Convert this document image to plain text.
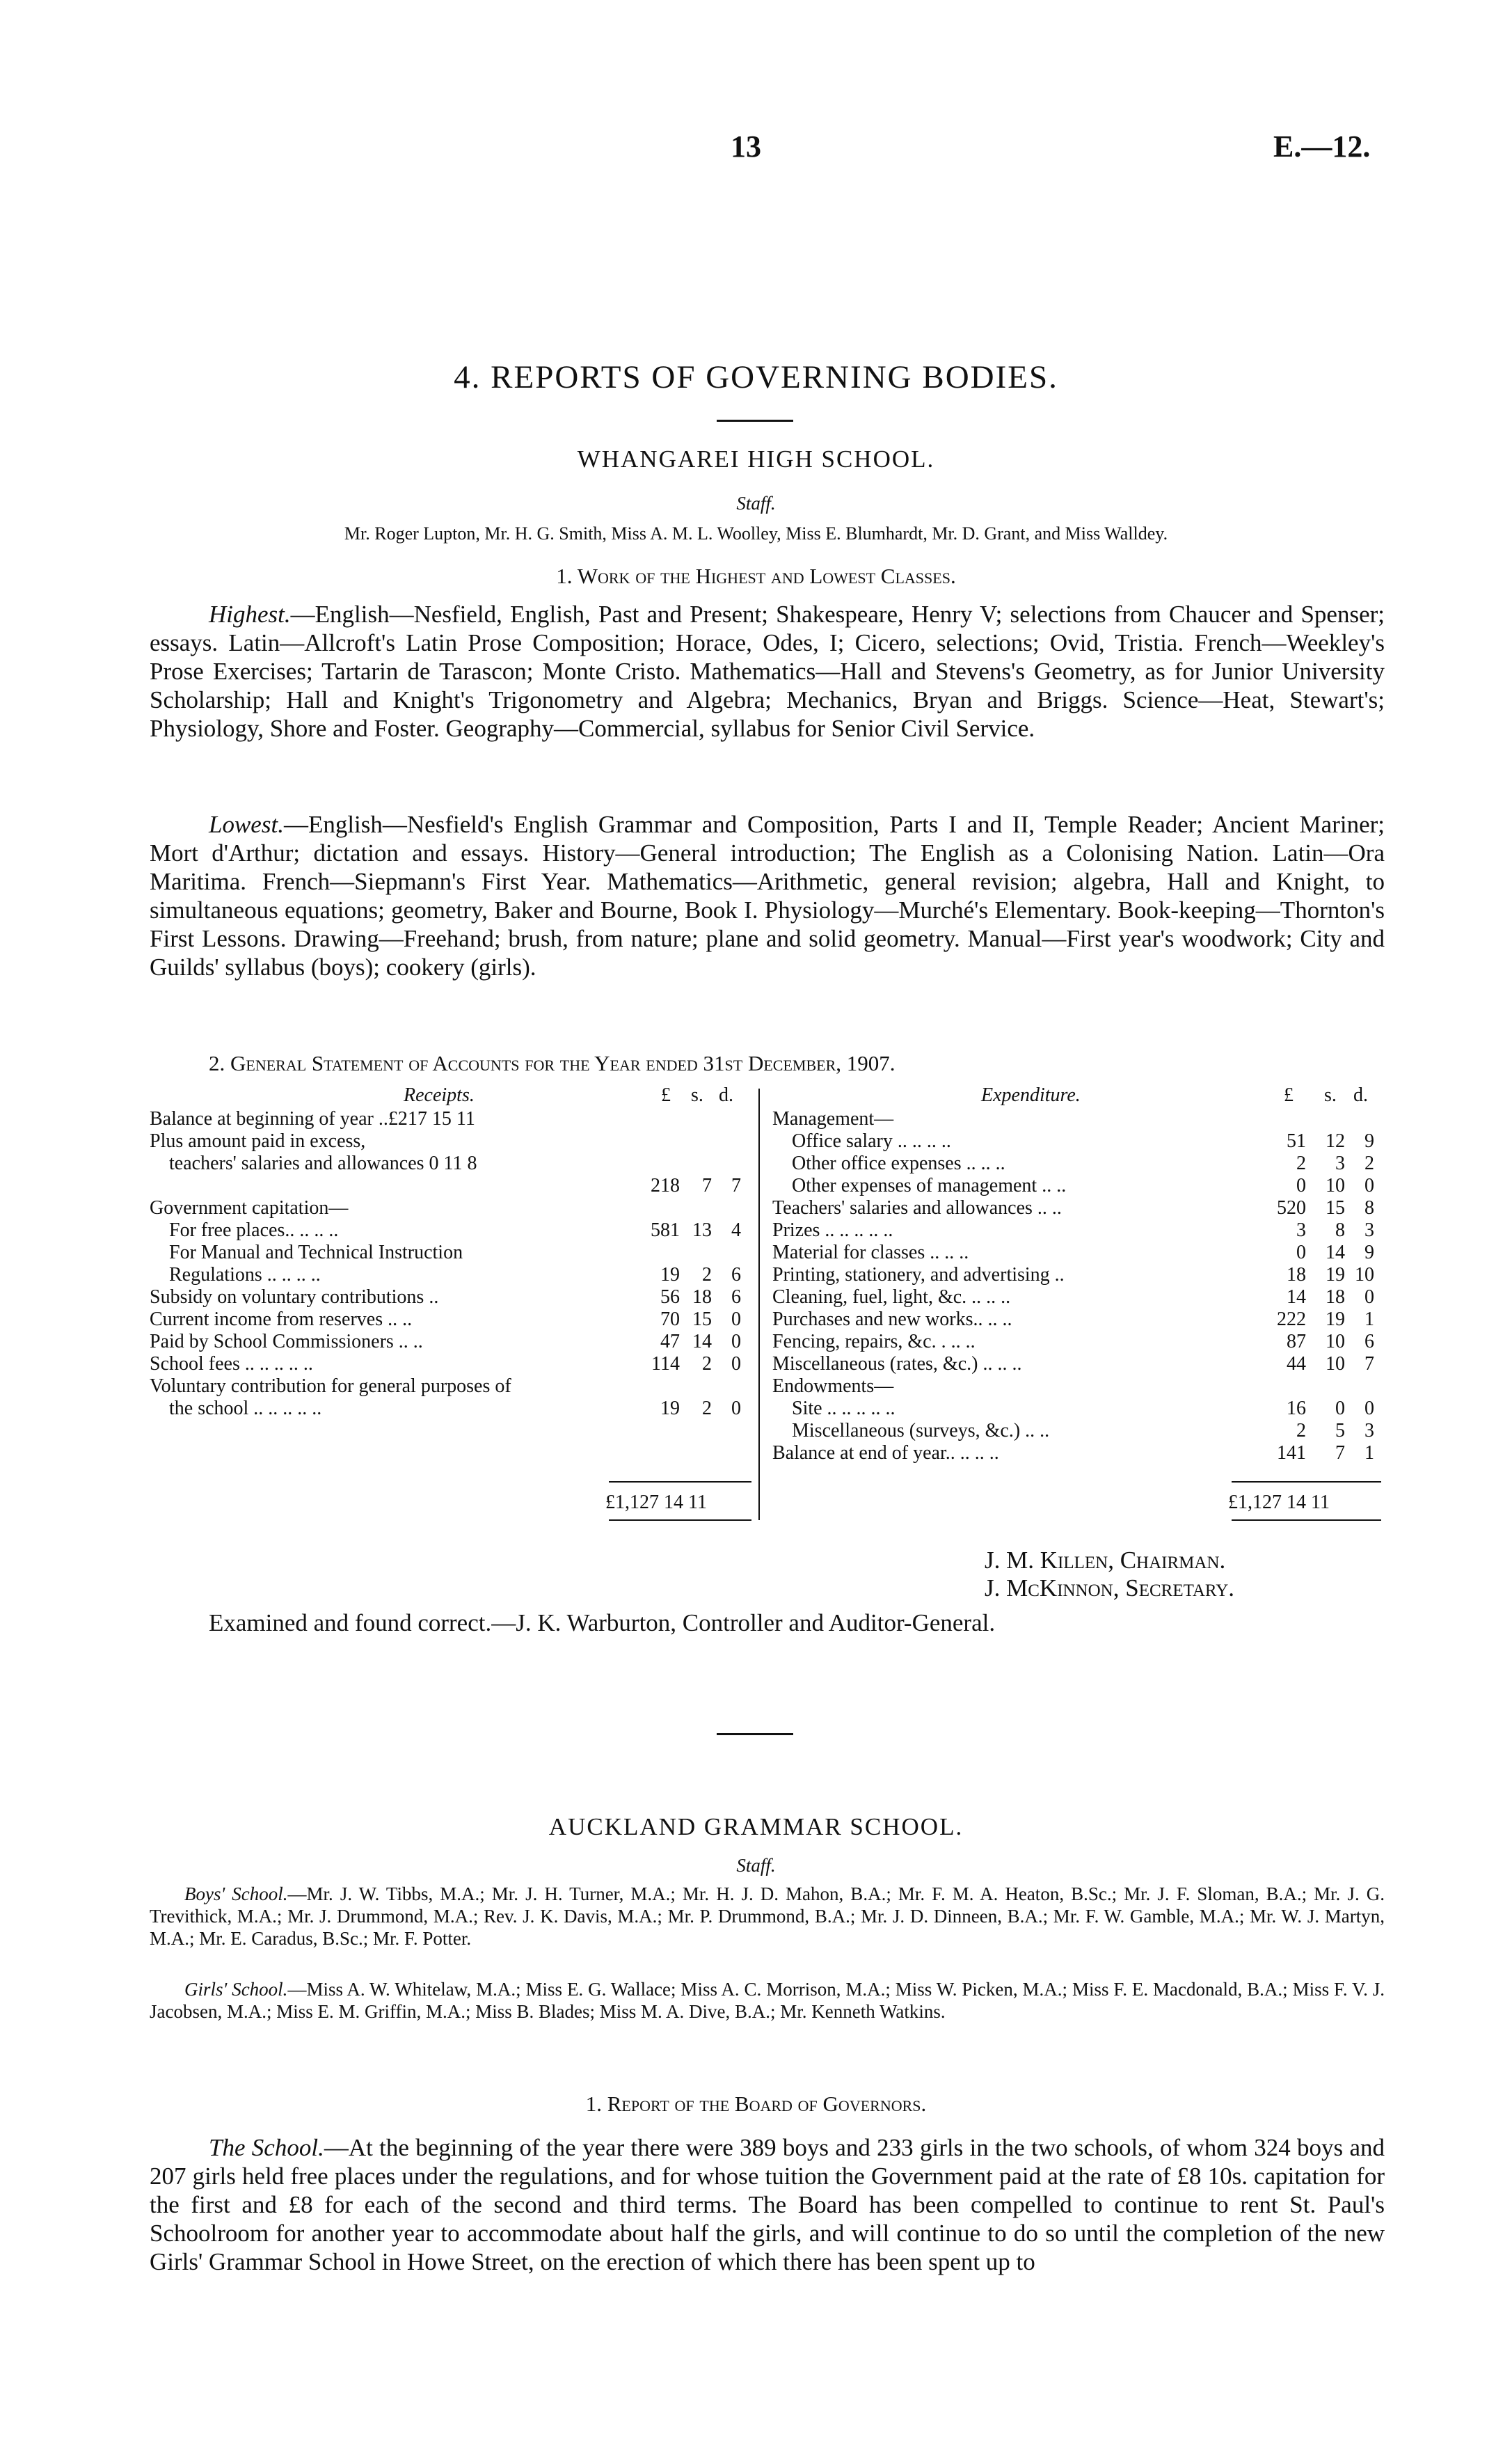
13	E.—12.
4. REPORTS OF GOVERNING BODIES.
WHANGAREI HIGH SCHOOL.
Staff.
Mr. Roger Lupton, Mr. H. G. Smith, Miss A. M. L. Woolley, Miss E. Blumhardt, Mr. D. Grant, and Miss Walldey.
1. Work of the Highest and Lowest Classes.

Highest.—English—Nesfield, English, Past and Present; Shakespeare, Henry V; selections from Chaucer and Spenser; essays. Latin—Allcroft's Latin Prose Composition; Horace, Odes, I; Cicero, selections; Ovid, Tristia. French—Weekley's Prose Exercises; Tartarin de Tarascon; Monte Cristo. Mathematics—Hall and Stevens's Geometry, as for Junior University Scholarship; Hall and Knight's Trigonometry and Algebra; Mechanics, Bryan and Briggs. Science—Heat, Stewart's; Physiology, Shore and Foster. Geography—Commercial, syllabus for Senior Civil Service.

Lowest.—English—Nesfield's English Grammar and Composition, Parts I and II, Temple Reader; Ancient Mariner; Mort d'Arthur; dictation and essays. History—General introduction; The English as a Colonising Nation. Latin—Ora Maritima. French—Siepmann's First Year. Mathematics—Arithmetic, general revision; algebra, Hall and Knight, to simultaneous equations; geometry, Baker and Bourne, Book I. Physiology—Murché's Elementary. Book-keeping—Thornton's First Lessons. Drawing—Freehand; brush, from nature; plane and solid geometry. Manual—First year's woodwork; City and Guilds' syllabus (boys); cookery (girls).

2. General Statement of Accounts for the Year ended 31st December, 1907.
Receipts.	£ s. d.	Expenditure.	£ s. d.
Balance at beginning of year ..£217 15 11
Plus amount paid in excess,
teachers' salaries and allowances 0 11 8
218	7	7
Government capitation—
For free places.. .. .. ..	581 13	4
For Manual and Technical Instruction
Regulations .. .. .. ..	19	2	6
Subsidy on voluntary contributions ..	56 18	6
Current income from reserves .. ..	70 15	0
Paid by School Commissioners .. ..	47 14	0
School fees .. .. .. .. ..	114	2	0
Voluntary contribution for general purposes of
the school .. .. .. .. ..	19	2	0
Management—
Office salary .. .. .. ..	51	12	9
Other office expenses .. .. ..	2	3	2
Other expenses of management .. ..	0	10	0
Teachers' salaries and allowances .. ..	520	15	8
Prizes .. .. .. .. ..	3	8	3
Material for classes .. .. ..	0	14	9
Printing, stationery, and advertising ..	18	19 10
Cleaning, fuel, light, &c. .. .. ..	14	18	0
Purchases and new works.. .. ..	222	19	1
Fencing, repairs, &c. . .. ..	87	10	6
Miscellaneous (rates, &c.) .. .. ..	44	10	7
Endowments—
Site .. .. .. .. ..	16	0	0
Miscellaneous (surveys, &c.) .. ..	2	5	3
Balance at end of year.. .. .. ..	141	7	1
£1,127 14 11	£1,127 14 11
J. M. Killen, Chairman.
J. McKinnon, Secretary.
Examined and found correct.—J. K. Warburton, Controller and Auditor-General.
AUCKLAND GRAMMAR SCHOOL.
Staff.

Boys' School.—Mr. J. W. Tibbs, M.A.; Mr. J. H. Turner, M.A.; Mr. H. J. D. Mahon, B.A.; Mr. F. M. A. Heaton, B.Sc.; Mr. J. F. Sloman, B.A.; Mr. J. G. Trevithick, M.A.; Mr. J. Drummond, M.A.; Rev. J. K. Davis, M.A.; Mr. P. Drummond, B.A.; Mr. J. D. Dinneen, B.A.; Mr. F. W. Gamble, M.A.; Mr. W. J. Martyn, M.A.; Mr. E. Caradus, B.Sc.; Mr. F. Potter.

Girls' School.—Miss A. W. Whitelaw, M.A.; Miss E. G. Wallace; Miss A. C. Morrison, M.A.; Miss W. Picken, M.A.; Miss F. E. Macdonald, B.A.; Miss F. V. J. Jacobsen, M.A.; Miss E. M. Griffin, M.A.; Miss B. Blades; Miss M. A. Dive, B.A.; Mr. Kenneth Watkins.

1. Report of the Board of Governors.

The School.—At the beginning of the year there were 389 boys and 233 girls in the two schools, of whom 324 boys and 207 girls held free places under the regulations, and for whose tuition the Government paid at the rate of £8 10s. capitation for the first and £8 for each of the second and third terms. The Board has been compelled to continue to rent St. Paul's Schoolroom for another year to accommodate about half the girls, and will continue to do so until the completion of the new Girls' Grammar School in Howe Street, on the erection of which there has been spent up to
